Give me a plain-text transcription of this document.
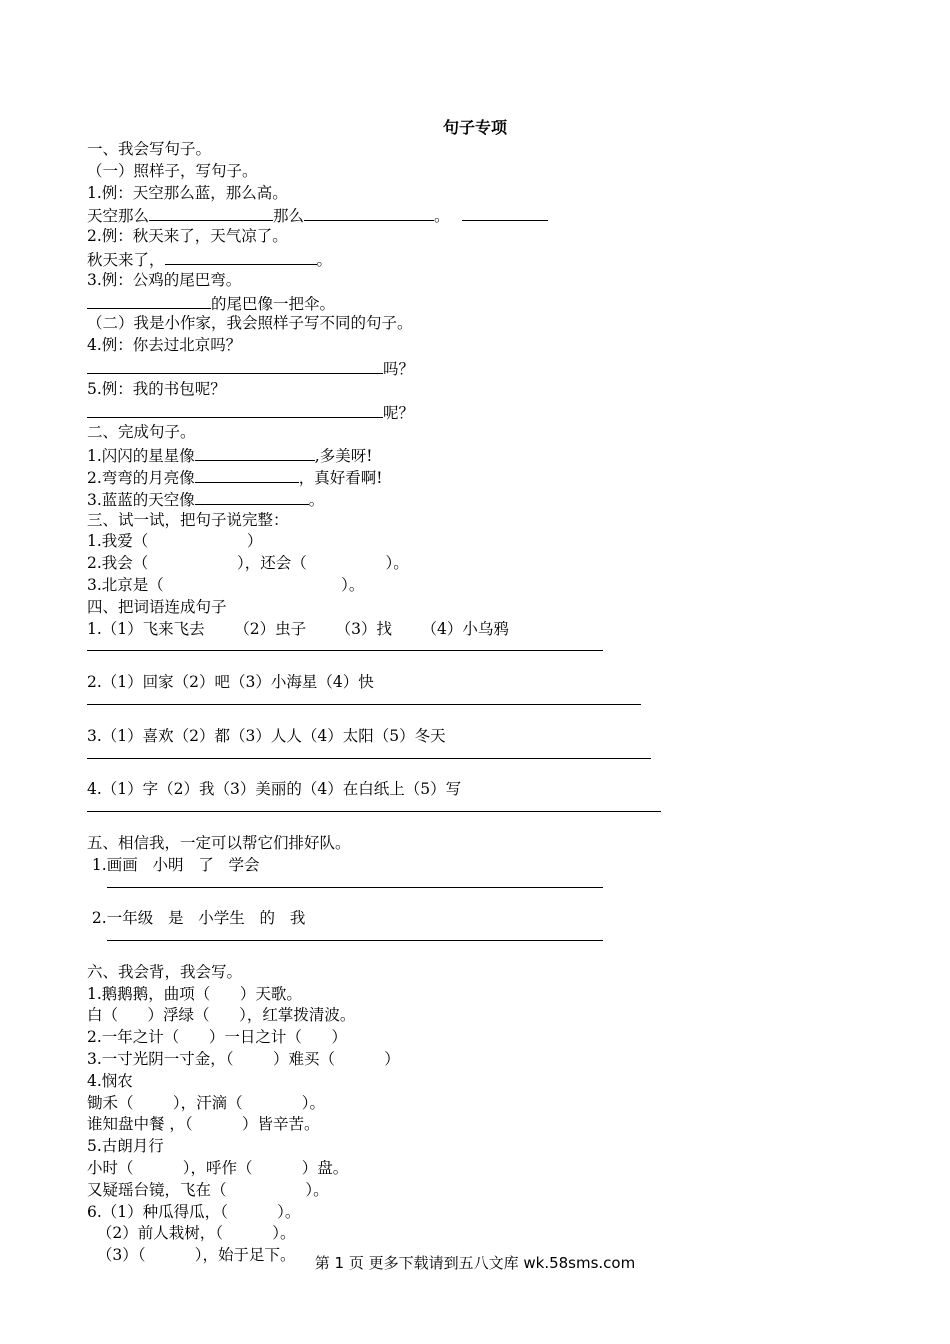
句子专项
一、我会写句子。
（一）照样子，写句子。
1.例：天空那么蓝，那么高。
天空那么	那么	。
2.例：秋天来了，天气凉了。
秋天来了，	。
3.例：公鸡的尾巴弯。
的尾巴像一把伞。
（二）我是小作家，我会照样子写不同的句子。
4.例：你去过北京吗？
吗？
5.例：我的书包呢？
呢？
二、完成句子。
1.闪闪的星星像	,多美呀!
2.弯弯的月亮像	，真好看啊!
3.蓝蓝的天空像	。
三、试一试，把句子说完整：
1.我爱（                    ）
2.我会（                  ），还会（                ）。
3.北京是（                                    ）。
四、把词语连成句子
1.（1）飞来飞去      （2）虫子      （3）找      （4）小乌鸦
2.（1）回家（2）吧（3）小海星（4）快
3.（1）喜欢（2）都（3）人人（4）太阳（5）冬天
4.（1）字（2）我（3）美丽的（4）在白纸上（5）写
五、相信我，一定可以帮它们排好队。
1.画画   小明   了   学会
2.一年级   是   小学生   的   我
六、我会背，我会写。
1.鹅鹅鹅，曲项（      ）天歌。
白（      ）浮绿（      ），红掌拨清波。
2.一年之计（      ）一日之计（      ）
3.一寸光阴一寸金，（        ）难买（          ）
4.悯农
锄禾（        ），汗滴（            ）。
谁知盘中餐 ，（          ）皆辛苦。
5.古朗月行
小时（          ），呼作（          ）盘。
又疑瑶台镜，飞在（                ）。
6.（1）种瓜得瓜，（          ）。
（2）前人栽树，（          ）。
（3）（          ），始于足下。	第 1 页 更多下载请到五八文库 wk.58sms.com
